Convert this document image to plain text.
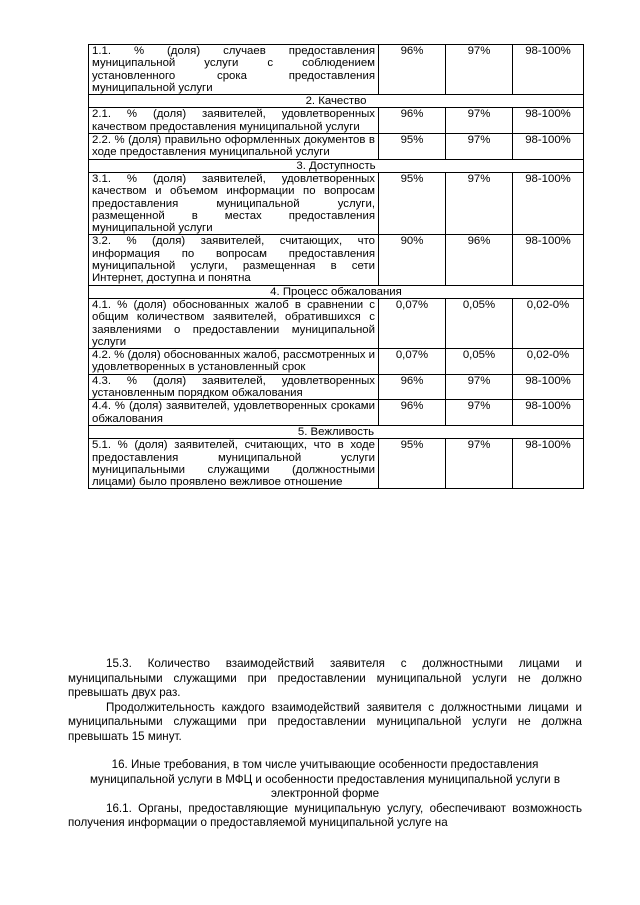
1.1. % (доля) случаев предоставления муниципальной услуги с соблюдением установленного срока предоставления муниципальной услуги	96%	97%	98-100%
2. Качество			
2.1. % (доля) заявителей, удовлетворенных качеством предоставления муниципальной услуги	96%	97%	98-100%
2.2. % (доля) правильно оформленных документов в ходе предоставления муниципальной услуги	95%	97%	98-100%
3. Доступность			
3.1. % (доля) заявителей, удовлетворенных качеством и объемом информации по вопросам предоставления муниципальной услуги, размещенной в местах предоставления муниципальной услуги	95%	97%	98-100%
3.2. % (доля) заявителей, считающих, что информация по вопросам предоставления муниципальной услуги, размещенная в сети Интернет, доступна и понятна	90%	96%	98-100%
4. Процесс обжалования			
4.1. % (доля) обоснованных жалоб в сравнении с общим количеством заявителей, обратившихся с заявлениями о предоставлении муниципальной услуги	0,07%	0,05%	0,02-0%
4.2. % (доля) обоснованных жалоб, рассмотренных и удовлетворенных в установленный срок	0,07%	0,05%	0,02-0%
4.3. % (доля) заявителей, удовлетворенных установленным порядком обжалования	96%	97%	98-100%
4.4. % (доля) заявителей, удовлетворенных сроками обжалования	96%	97%	98-100%
5. Вежливость			
5.1. % (доля) заявителей, считающих, что в ходе предоставления муниципальной услуги муниципальными служащими (должностными лицами) было проявлено вежливое отношение	95%	97%	98-100%

15.3. Количество взаимодействий заявителя с должностными лицами и муниципальными служащими при предоставлении муниципальной услуги не должно превышать двух раз.

Продолжительность каждого взаимодействий заявителя с должностными лицами и муниципальными служащими при предоставлении муниципальной услуги не должна превышать 15 минут.

16. Иные требования, в том числе учитывающие особенности предоставления муниципальной услуги в МФЦ и особенности предоставления муниципальной услуги в электронной форме

16.1. Органы, предоставляющие муниципальную услугу, обеспечивают возможность получения информации о предоставляемой муниципальной услуге на
